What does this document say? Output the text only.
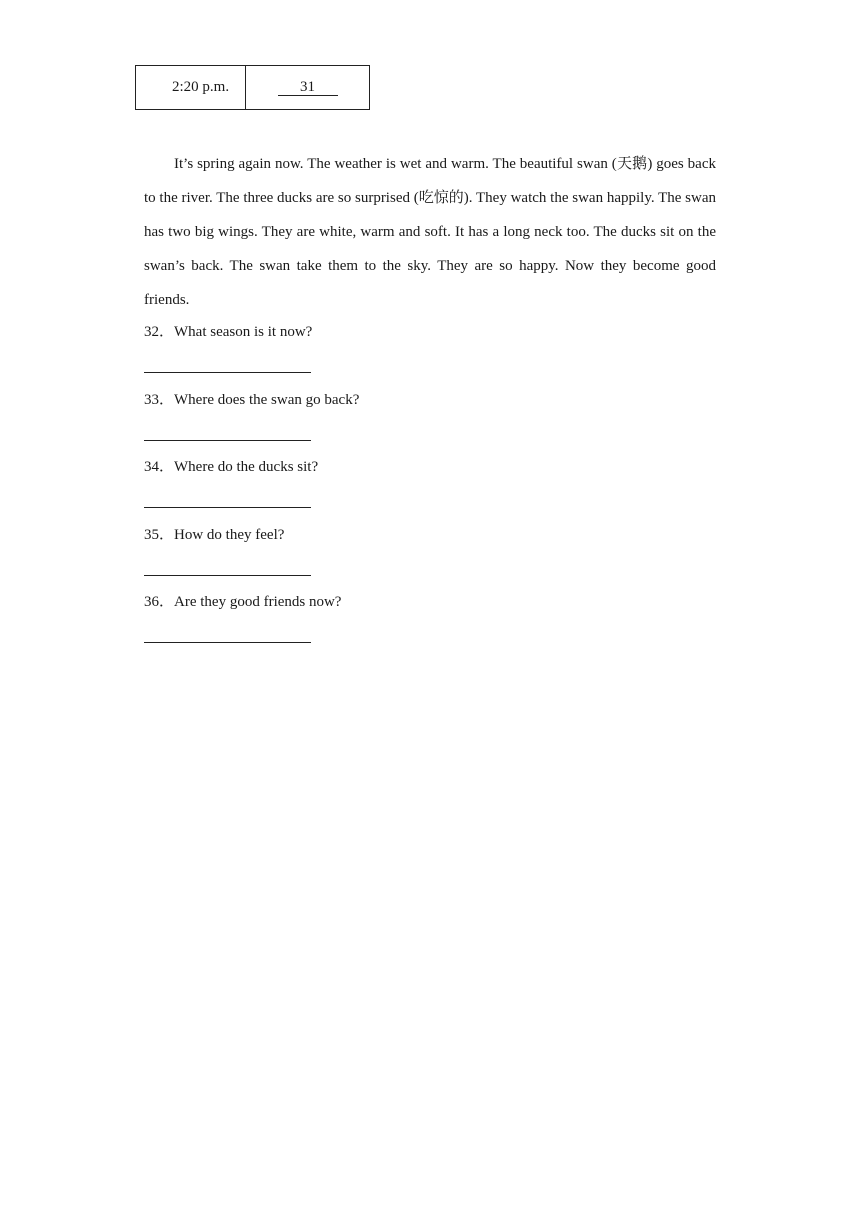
2:20 p.m.	31

It’s spring again now. The weather is wet and warm. The beautiful swan (天鹅) goes back to the river. The three ducks are so surprised (吃惊的). They watch the swan happily. The swan has two big wings. They are white, warm and soft. It has a long neck too. The ducks sit on the swan’s back. The swan take them to the sky. They are so happy. Now they become good friends.

32．What season is it now?

33．Where does the swan go back?

34．Where do the ducks sit?

35．How do they feel?

36．Are they good friends now?
